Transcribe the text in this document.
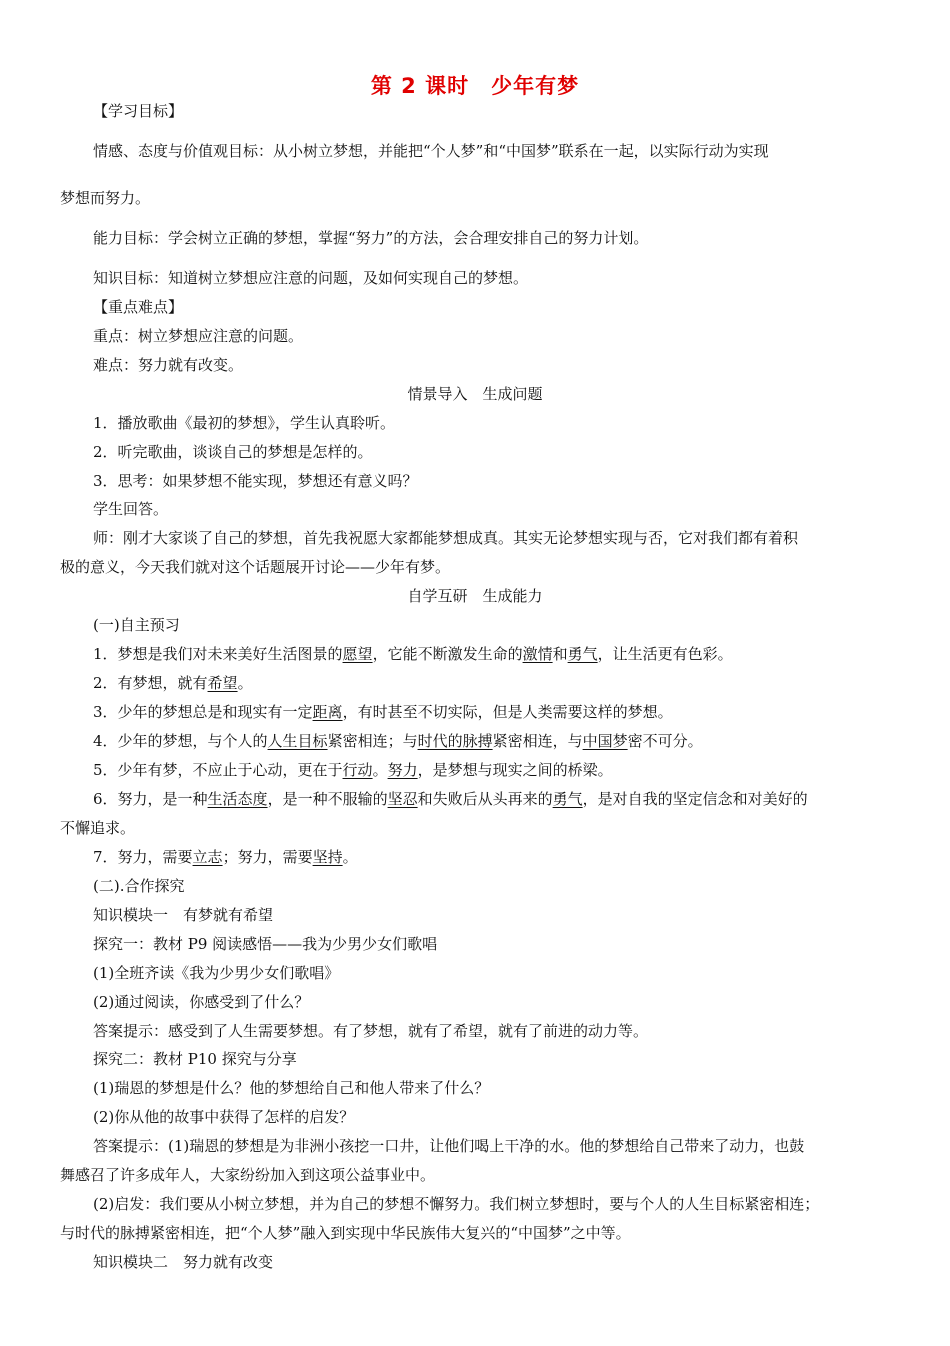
第 2 课时　少年有梦
【学习目标】
情感、态度与价值观目标：从小树立梦想，并能把“个人梦”和“中国梦”联系在一起，以实际行动为实现
梦想而努力。
能力目标：学会树立正确的梦想，掌握“努力”的方法，会合理安排自己的努力计划。
知识目标：知道树立梦想应注意的问题，及如何实现自己的梦想。
【重点难点】
重点：树立梦想应注意的问题。
难点：努力就有改变。
情景导入　生成问题
1．播放歌曲《最初的梦想》，学生认真聆听。
2．听完歌曲，谈谈自己的梦想是怎样的。
3．思考：如果梦想不能实现，梦想还有意义吗？
学生回答。
师：刚才大家谈了自己的梦想，首先我祝愿大家都能梦想成真。其实无论梦想实现与否，它对我们都有着积
极的意义，今天我们就对这个话题展开讨论——少年有梦。
自学互研　生成能力
(一)自主预习
1．梦想是我们对未来美好生活图景的愿望，它能不断激发生命的激情和勇气，让生活更有色彩。
2．有梦想，就有希望。
3．少年的梦想总是和现实有一定距离，有时甚至不切实际，但是人类需要这样的梦想。
4．少年的梦想，与个人的人生目标紧密相连；与时代的脉搏紧密相连，与中国梦密不可分。
5．少年有梦，不应止于心动，更在于行动。努力，是梦想与现实之间的桥梁。
6．努力，是一种生活态度，是一种不服输的坚忍和失败后从头再来的勇气，是对自我的坚定信念和对美好的
不懈追求。
7．努力，需要立志；努力，需要坚持。
(二).合作探究
知识模块一　有梦就有希望
探究一：教材 P9 阅读感悟——我为少男少女们歌唱
(1)全班齐读《我为少男少女们歌唱》
(2)通过阅读，你感受到了什么？
答案提示：感受到了人生需要梦想。有了梦想，就有了希望，就有了前进的动力等。
探究二：教材 P10 探究与分享
(1)瑞恩的梦想是什么？他的梦想给自己和他人带来了什么？
(2)你从他的故事中获得了怎样的启发？
答案提示：(1)瑞恩的梦想是为非洲小孩挖一口井，让他们喝上干净的水。他的梦想给自己带来了动力，也鼓
舞感召了许多成年人，大家纷纷加入到这项公益事业中。
(2)启发：我们要从小树立梦想，并为自己的梦想不懈努力。我们树立梦想时，要与个人的人生目标紧密相连；
与时代的脉搏紧密相连，把“个人梦”融入到实现中华民族伟大复兴的“中国梦”之中等。
知识模块二　努力就有改变
